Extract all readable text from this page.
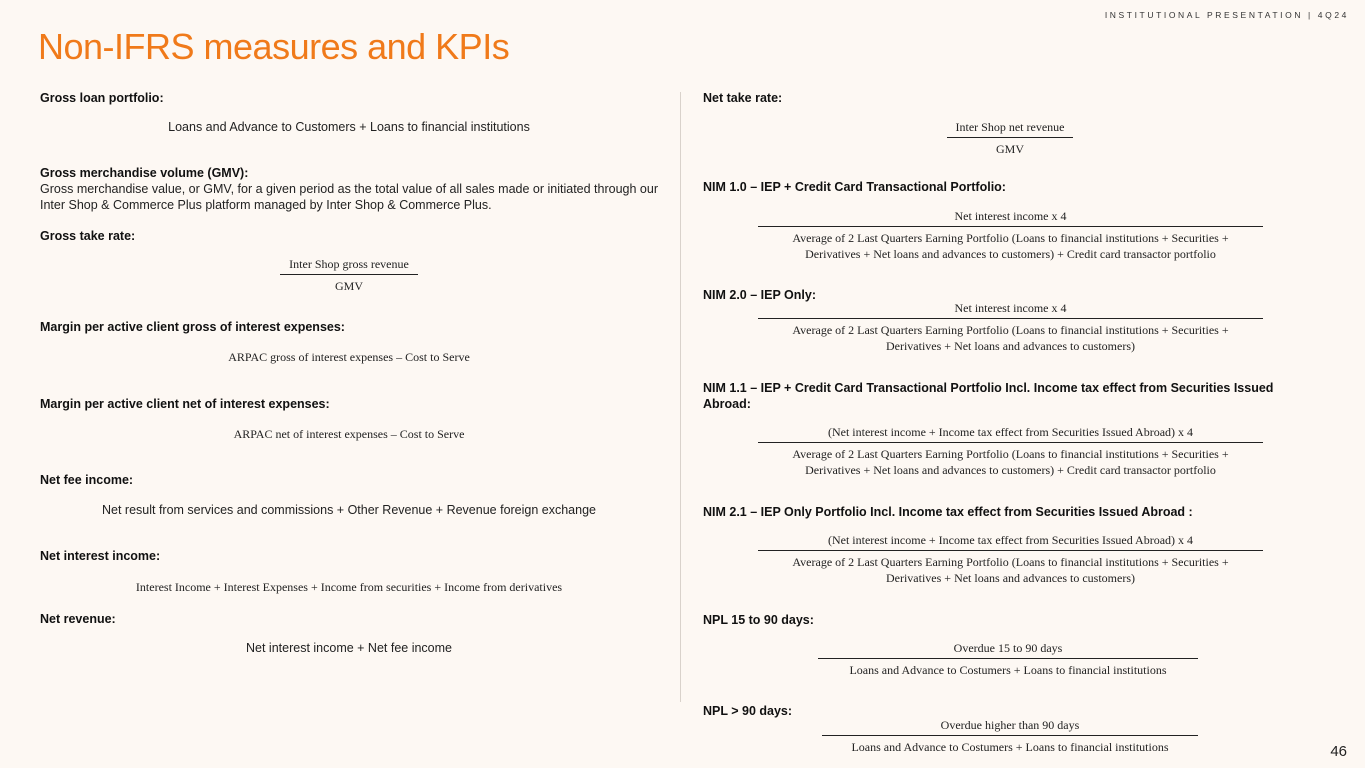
INSTITUTIONAL PRESENTATION | 4Q24
Non-IFRS measures and KPIs
Gross loan portfolio:
Loans and Advance to Customers + Loans to financial institutions
Gross merchandise volume (GMV):
Gross merchandise value, or GMV, for a given period as the total value of all sales made or initiated through our Inter Shop & Commerce Plus platform managed by Inter Shop & Commerce Plus.
Gross take rate:
Inter Shop gross revenue
GMV
Margin per active client gross of interest expenses:
ARPAC gross of interest expenses – Cost to Serve
Margin per active client net of interest expenses:
ARPAC net of interest expenses – Cost to Serve
Net fee income:
Net result from services and commissions + Other Revenue + Revenue foreign exchange
Net interest income:
Interest Income + Interest Expenses + Income from securities + Income from derivatives
Net revenue:
Net interest income + Net fee income
Net take rate:
Inter Shop net revenue
GMV
NIM 1.0 – IEP + Credit Card Transactional Portfolio:
Net interest income x 4
Average of 2 Last Quarters Earning Portfolio (Loans to financial institutions + Securities +
Derivatives + Net loans and advances to customers) + Credit card transactor portfolio
NIM 2.0 – IEP Only:
Net interest income x 4
Average of 2 Last Quarters Earning Portfolio (Loans to financial institutions + Securities +
Derivatives + Net loans and advances to customers)
NIM 1.1 – IEP + Credit Card Transactional Portfolio Incl. Income tax effect from Securities Issued Abroad:
(Net interest income + Income tax effect from Securities Issued Abroad) x 4
Average of 2 Last Quarters Earning Portfolio (Loans to financial institutions + Securities +
Derivatives + Net loans and advances to customers) + Credit card transactor portfolio
NIM 2.1 – IEP Only Portfolio Incl. Income tax effect from Securities Issued Abroad :
(Net interest income + Income tax effect from Securities Issued Abroad) x 4
Average of 2 Last Quarters Earning Portfolio (Loans to financial institutions + Securities +
Derivatives + Net loans and advances to customers)
NPL 15 to 90 days:
Overdue 15 to 90 days
Loans and Advance to Costumers + Loans to financial institutions
NPL > 90 days:
Overdue higher than 90 days
Loans and Advance to Costumers + Loans to financial institutions	46
